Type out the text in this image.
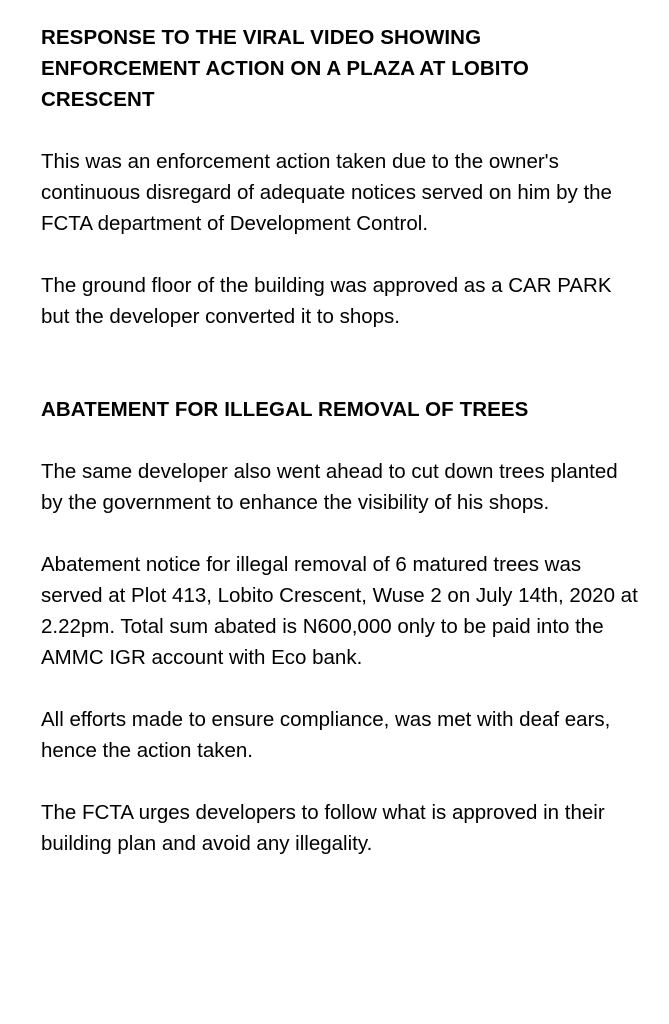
RESPONSE TO THE VIRAL VIDEO SHOWING ENFORCEMENT ACTION ON A PLAZA AT LOBITO CRESCENT

This was an enforcement action taken due to the owner's continuous disregard of adequate notices served on him by the FCTA department of Development Control.

The ground floor of the building was approved as a CAR PARK but the developer converted it to shops.

ABATEMENT FOR ILLEGAL REMOVAL OF TREES

The same developer also went ahead to cut down trees planted by the government to enhance the visibility of his shops.

Abatement notice for illegal removal of 6 matured trees was served at Plot 413, Lobito Crescent, Wuse 2 on July 14th, 2020 at 2.22pm. Total sum abated is N600,000 only to be paid into the AMMC IGR account with Eco bank.

All efforts made to ensure compliance, was met with deaf ears, hence the action taken.

The FCTA urges developers to follow what is approved in their building plan and avoid any illegality.
